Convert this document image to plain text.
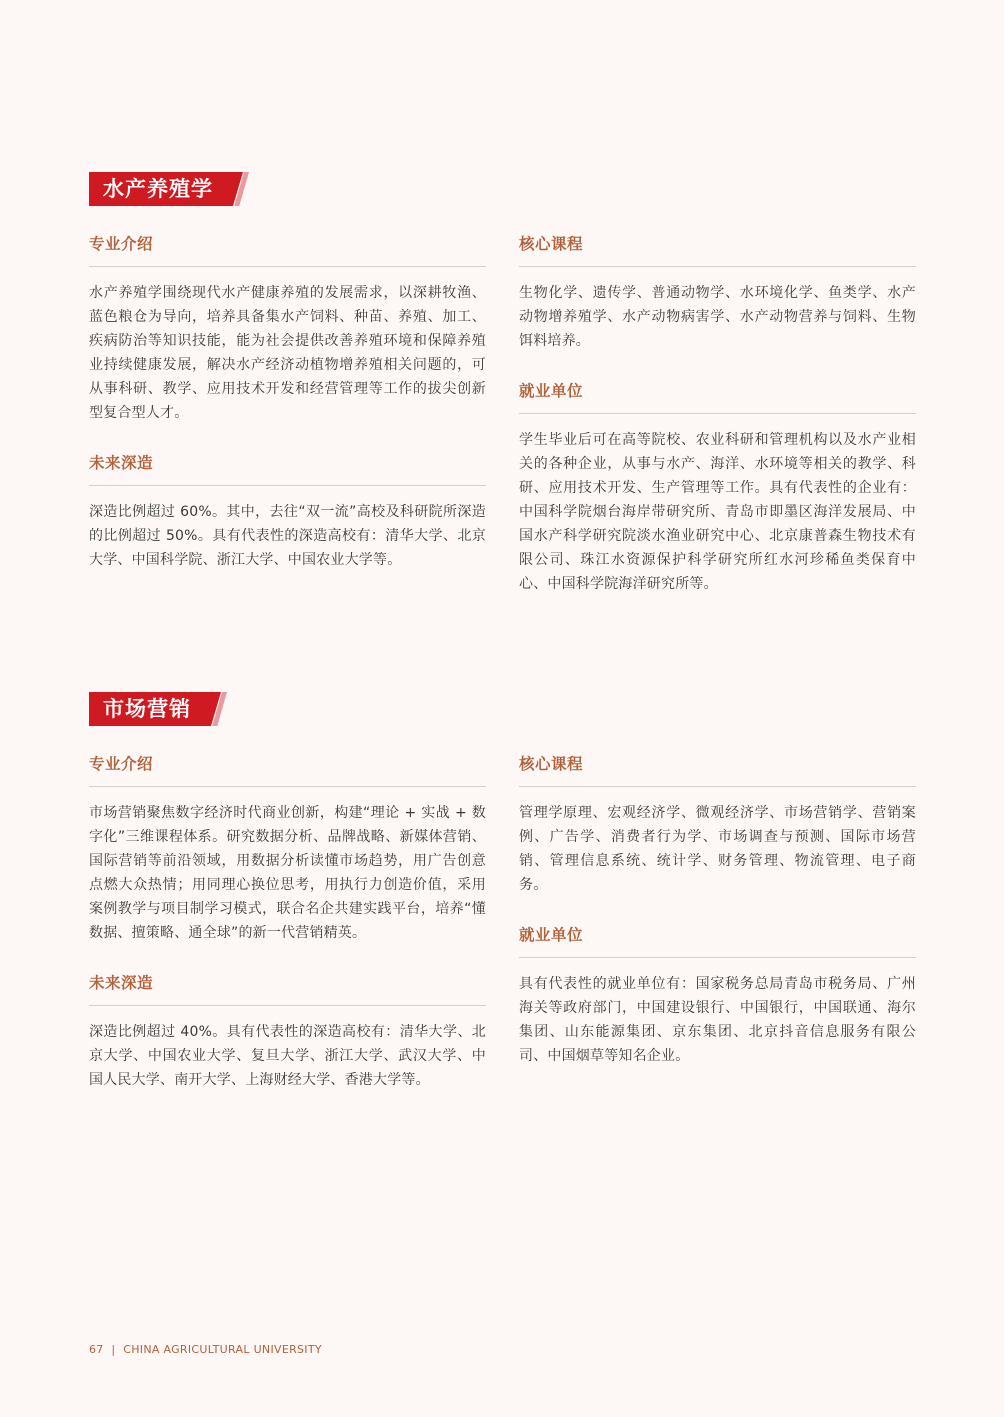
水产养殖学
专业介绍

水产养殖学围绕现代水产健康养殖的发展需求，以深耕牧渔、蓝色粮仓为导向，培养具备集水产饲料、种苗、养殖、加工、疾病防治等知识技能，能为社会提供改善养殖环境和保障养殖业持续健康发展，解决水产经济动植物增养殖相关问题的，可从事科研、教学、应用技术开发和经营管理等工作的拔尖创新型复合型人才。

未来深造

深造比例超过 60%。其中，去往“双一流”高校及科研院所深造的比例超过 50%。具有代表性的深造高校有：清华大学、北京大学、中国科学院、浙江大学、中国农业大学等。

核心课程

生物化学、遗传学、普通动物学、水环境化学、鱼类学、水产动物增养殖学、水产动物病害学、水产动物营养与饲料、生物饵料培养。

就业单位

学生毕业后可在高等院校、农业科研和管理机构以及水产业相关的各种企业，从事与水产、海洋、水环境等相关的教学、科研、应用技术开发、生产管理等工作。具有代表性的企业有：中国科学院烟台海岸带研究所、青岛市即墨区海洋发展局、中国水产科学研究院淡水渔业研究中心、北京康普森生物技术有限公司、珠江水资源保护科学研究所红水河珍稀鱼类保育中心、中国科学院海洋研究所等。

市场营销
专业介绍

市场营销聚焦数字经济时代商业创新，构建“理论 + 实战 + 数字化”三维课程体系。研究数据分析、品牌战略、新媒体营销、国际营销等前沿领域，用数据分析读懂市场趋势，用广告创意点燃大众热情；用同理心换位思考，用执行力创造价值，采用案例教学与项目制学习模式，联合名企共建实践平台，培养“懂数据、擅策略、通全球”的新一代营销精英。

未来深造

深造比例超过 40%。具有代表性的深造高校有：清华大学、北京大学、中国农业大学、复旦大学、浙江大学、武汉大学、中国人民大学、南开大学、上海财经大学、香港大学等。

核心课程

管理学原理、宏观经济学、微观经济学、市场营销学、营销案例、广告学、消费者行为学、市场调查与预测、国际市场营销、管理信息系统、统计学、财务管理、物流管理、电子商务。

就业单位

具有代表性的就业单位有：国家税务总局青岛市税务局、广州海关等政府部门，中国建设银行、中国银行，中国联通、海尔集团、山东能源集团、京东集团、北京抖音信息服务有限公司、中国烟草等知名企业。

67 | CHINA AGRICULTURAL UNIVERSITY
